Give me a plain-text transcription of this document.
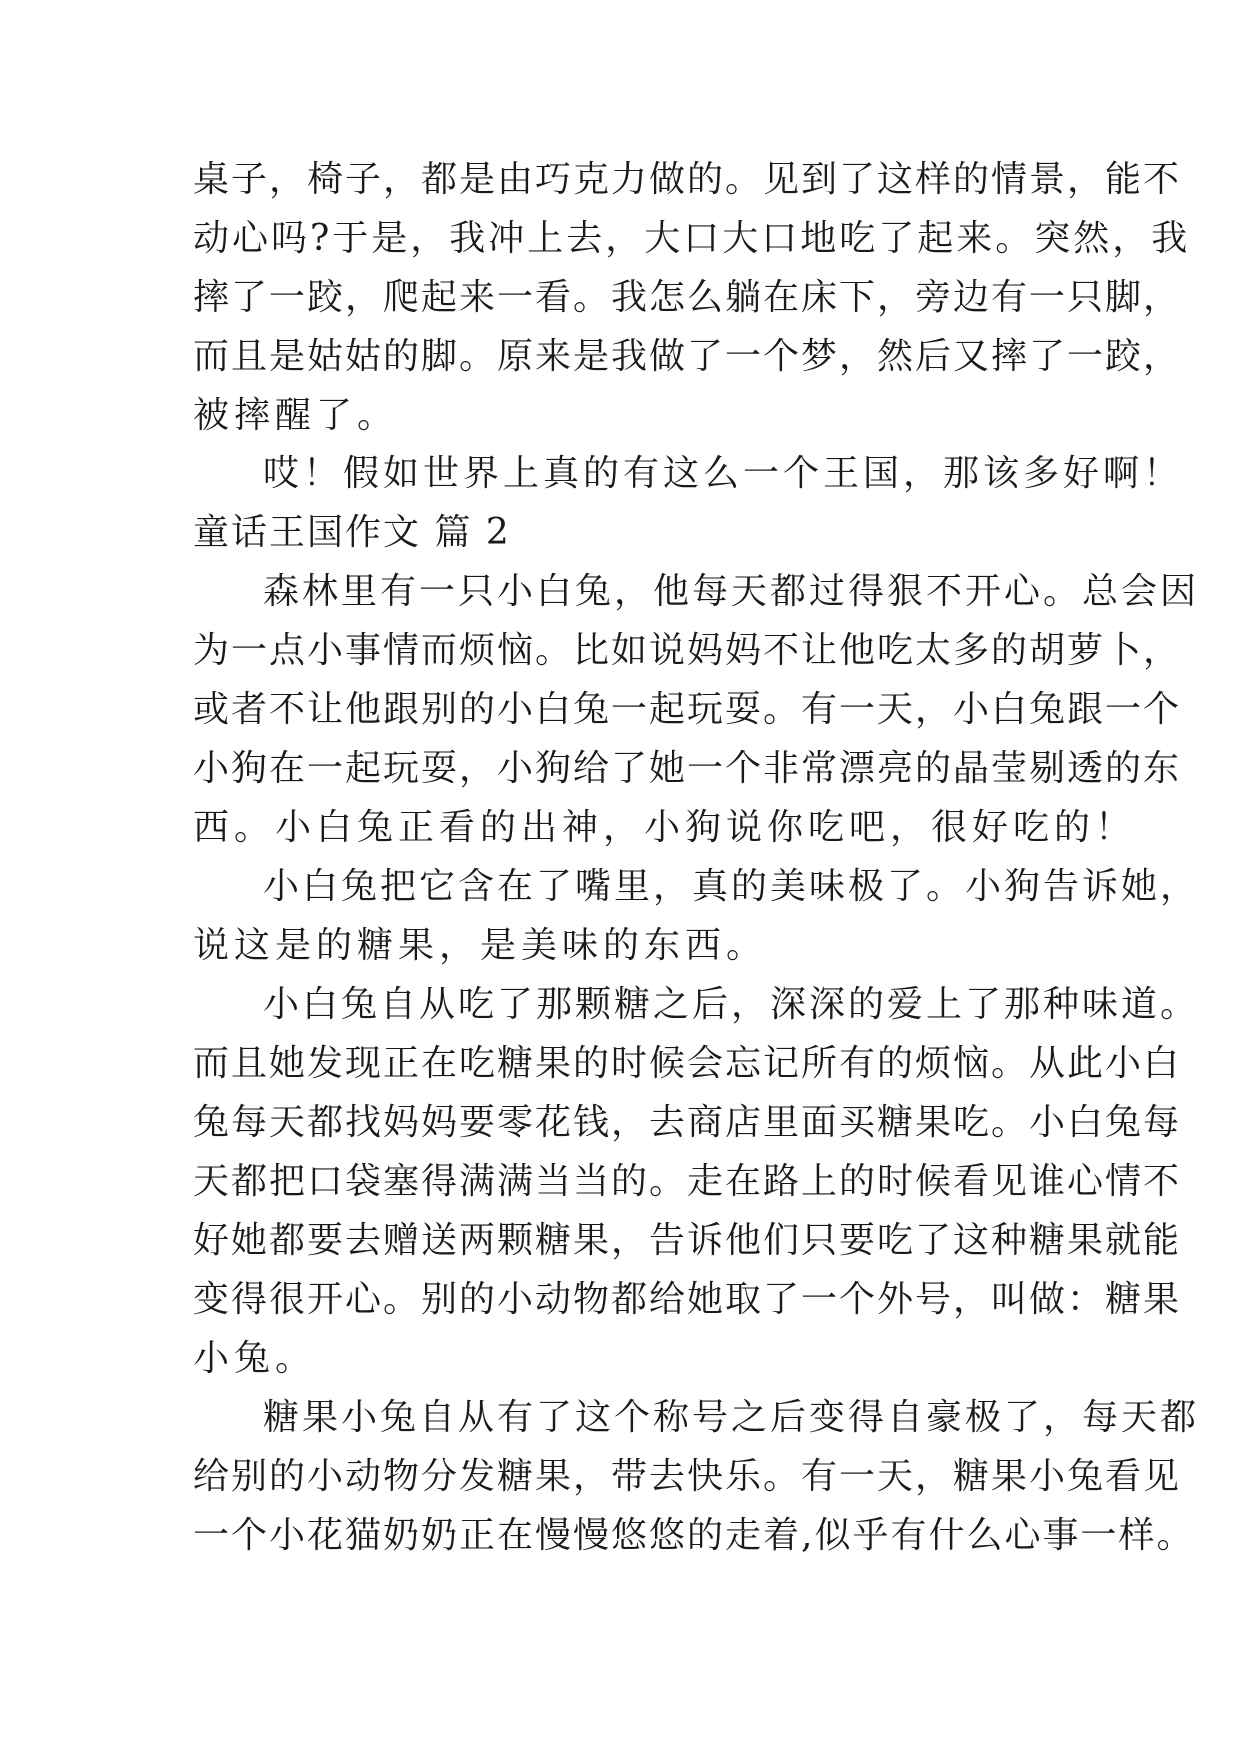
桌子，椅子，都是由巧克力做的。见到了这样的情景，能不
动心吗?于是，我冲上去，大口大口地吃了起来。突然，我
摔了一跤，爬起来一看。我怎么躺在床下，旁边有一只脚，
而且是姑姑的脚。原来是我做了一个梦，然后又摔了一跤，
被摔醒了。
哎！假如世界上真的有这么一个王国，那该多好啊！
童话王国作文 篇 2
森林里有一只小白兔，他每天都过得狠不开心。总会因
为一点小事情而烦恼。比如说妈妈不让他吃太多的胡萝卜，
或者不让他跟别的小白兔一起玩耍。有一天，小白兔跟一个
小狗在一起玩耍，小狗给了她一个非常漂亮的晶莹剔透的东
西。小白兔正看的出神，小狗说你吃吧，很好吃的！
小白兔把它含在了嘴里，真的美味极了。小狗告诉她，
说这是的糖果，是美味的东西。
小白兔自从吃了那颗糖之后，深深的爱上了那种味道。
而且她发现正在吃糖果的时候会忘记所有的烦恼。从此小白
兔每天都找妈妈要零花钱，去商店里面买糖果吃。小白兔每
天都把口袋塞得满满当当的。走在路上的时候看见谁心情不
好她都要去赠送两颗糖果，告诉他们只要吃了这种糖果就能
变得很开心。别的小动物都给她取了一个外号，叫做：糖果
小兔。
糖果小兔自从有了这个称号之后变得自豪极了，每天都
给别的小动物分发糖果，带去快乐。有一天，糖果小兔看见
一个小花猫奶奶正在慢慢悠悠的走着,似乎有什么心事一样。
